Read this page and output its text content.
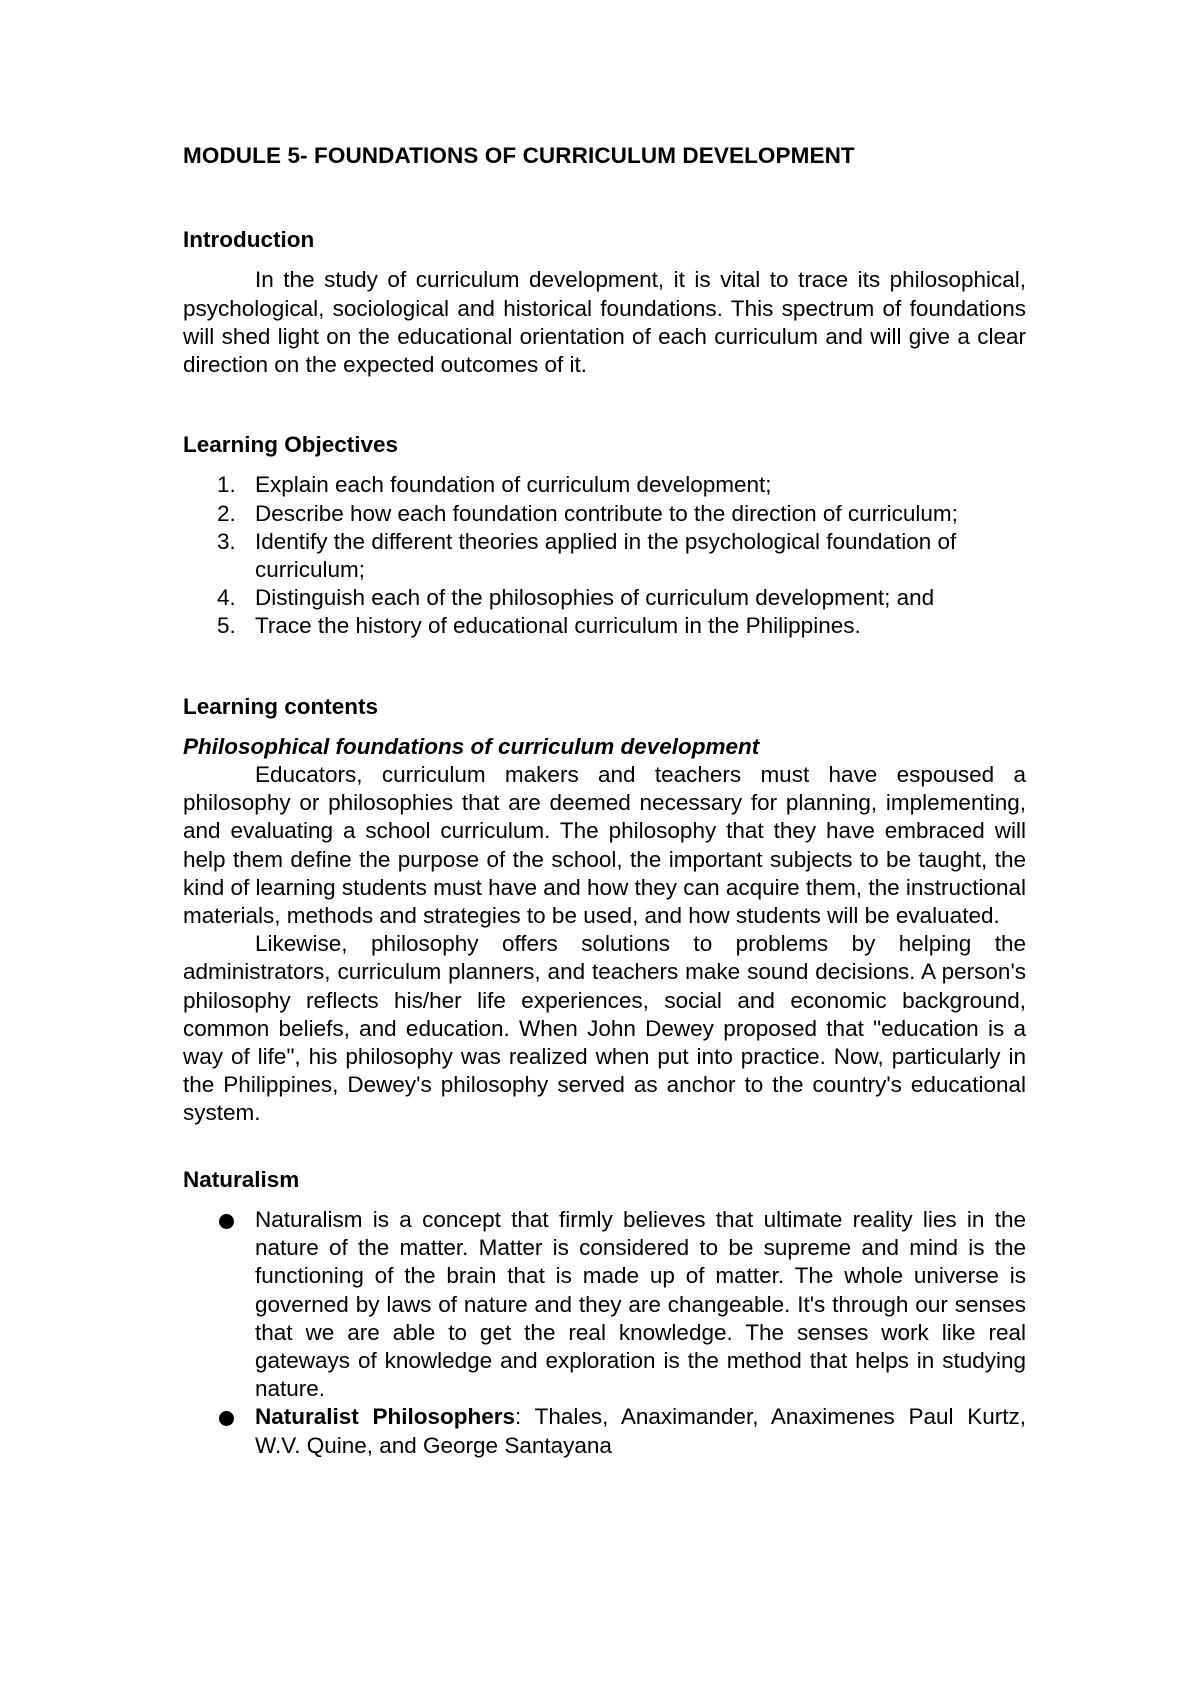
MODULE 5- FOUNDATIONS OF CURRICULUM DEVELOPMENT

Introduction

In the study of curriculum development, it is vital to trace its philosophical, psychological, sociological and historical foundations. This spectrum of foundations will shed light on the educational orientation of each curriculum and will give a clear direction on the expected outcomes of it.

Learning Objectives

1. Explain each foundation of curriculum development;
2. Describe how each foundation contribute to the direction of curriculum;
3. Identify the different theories applied in the psychological foundation of curriculum;
4. Distinguish each of the philosophies of curriculum development; and
5. Trace the history of educational curriculum in the Philippines.

Learning contents

Philosophical foundations of curriculum development

Educators, curriculum makers and teachers must have espoused a philosophy or philosophies that are deemed necessary for planning, implementing, and evaluating a school curriculum. The philosophy that they have embraced will help them define the purpose of the school, the important subjects to be taught, the kind of learning students must have and how they can acquire them, the instructional materials, methods and strategies to be used, and how students will be evaluated.

Likewise, philosophy offers solutions to problems by helping the administrators, curriculum planners, and teachers make sound decisions. A person's philosophy reflects his/her life experiences, social and economic background, common beliefs, and education. When John Dewey proposed that "education is a way of life", his philosophy was realized when put into practice. Now, particularly in the Philippines, Dewey's philosophy served as anchor to the country's educational system.

Naturalism

Naturalism is a concept that firmly believes that ultimate reality lies in the nature of the matter. Matter is considered to be supreme and mind is the functioning of the brain that is made up of matter. The whole universe is governed by laws of nature and they are changeable. It's through our senses that we are able to get the real knowledge. The senses work like real gateways of knowledge and exploration is the method that helps in studying nature.
Naturalist Philosophers: Thales, Anaximander, Anaximenes Paul Kurtz, W.V. Quine, and George Santayana
